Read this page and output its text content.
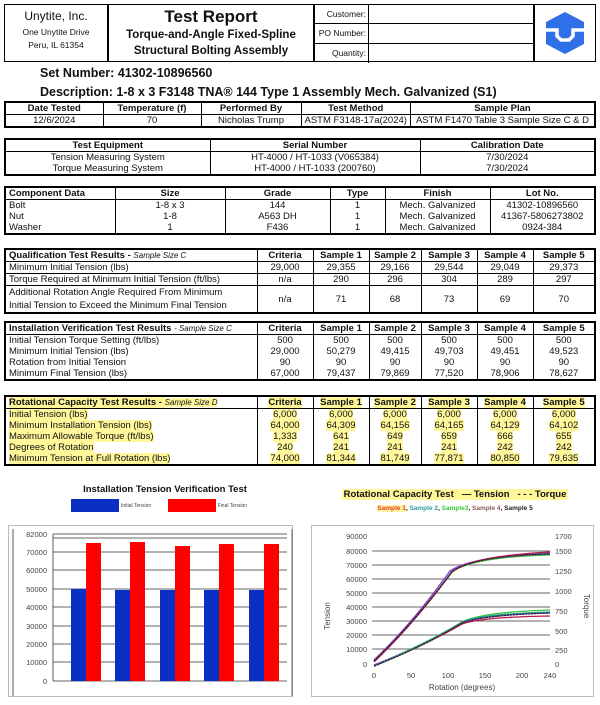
Unytite, Inc.
One Unytite Drive
Peru, IL 61354
Test Report
Torque-and-Angle Fixed-Spline
Structural Bolting Assembly
Customer:
PO Number:
Quantity:
Set Number: 41302-10896560
Description: 1-8 x 3 F3148 TNA® 144 Type 1 Assembly Mech. Galvanized (S1)
Date Tested	Temperature (f)	Performed By	Test Method	Sample Plan
12/6/2024	70	Nicholas Trump	ASTM F3148-17a(2024)	ASTM F1470 Table 3 Sample Size C & D
Test Equipment	Serial Number	Calibration Date
Tension Measuring System	HT-4000 / HT-1033 (V065384)	7/30/2024
Torque Measuring System	HT-4000 / HT-1033 (200760)	7/30/2024
Component Data	Size	Grade	Type	Finish	Lot No.
Bolt	1-8 x 3	144	1	Mech. Galvanized	41302-10896560
Nut	1-8	A563 DH	1	Mech. Galvanized	41367-5806273802
Washer	1	F436	1	Mech. Galvanized	0924-384
Qualification Test Results - Sample Size C	Criteria	Sample 1	Sample 2	Sample 3	Sample 4	Sample 5
Minimum Initial Tension (lbs)	29,000	29,355	29,166	29,544	29,049	29,373
Torque Required at Minimum Initial Tension (ft/lbs)	n/a	290	296	304	289	297

Additional Rotation Angle Required From Minimum
Initial Tension to Exceed the Minimum Final Tension	n/a	71	68	73	69	70
Installation Verification Test Results - Sample Size C	Criteria	Sample 1	Sample 2	Sample 3	Sample 4	Sample 5
Initial Tension Torque Setting (ft/lbs)	500	500	500	500	500	500
Minimum Initial Tension (lbs)	29,000	50,279	49,415	49,703	49,451	49,523
Rotation from Initial Tension	90	90	90	90	90	90
Minimum Final Tension (lbs)	67,000	79,437	79,869	77,520	78,906	78,627
Rotational Capacity Test Results - Sample Size D	Criteria	Sample 1	Sample 2	Sample 3	Sample 4	Sample 5
Initial Tension (lbs)	6,000	6,000	6,000	6,000	6,000	6,000
Minimum Installation Tension (lbs)	64,000	64,309	64,156	64,165	64,129	64,102
Maximum Allowable Torque (ft/lbs)	1,333	641	649	659	666	655
Degrees of Rotation	240	241	241	241	242	242
Minimum Tension at Full Rotation (lbs)	74,000	81,344	81,749	77,871	80,850	79,635
Installation Tension Verification Test
Initial Tension	Final Tension
Rotational Capacity Test — Tension - - - Torque
Sample 1, Sample 2, Sample3, Sample 4, Sample 5
82000
70000
60000
50000
40000
30000
20000
10000
0
90000
80000
70000
60000
50000
40000
30000
20000
10000
0
1700
1500
1250
1000
750
500
250
0
Tension	Torque
0	50	100	150	200 240
Rotation (degrees)
